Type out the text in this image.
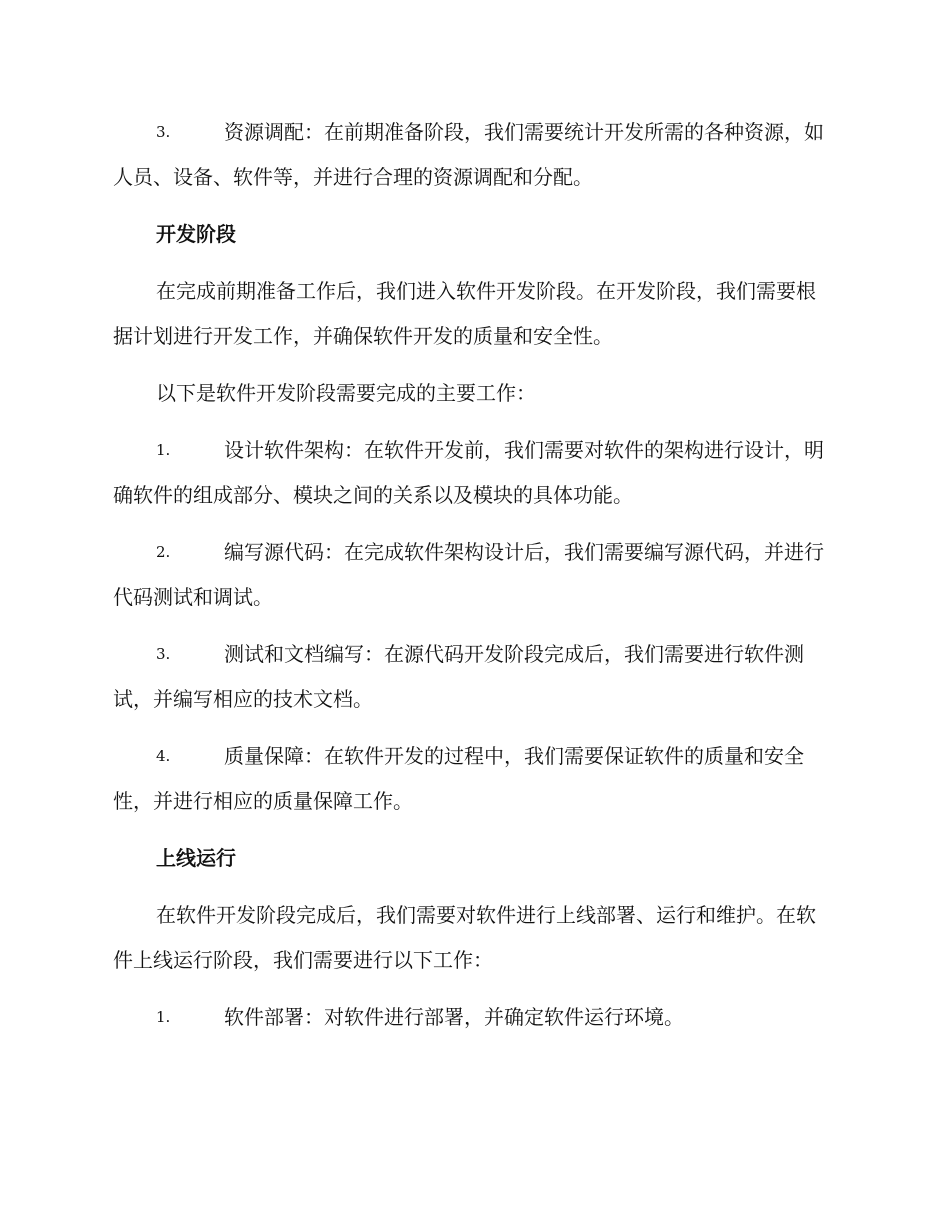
3.	资源调配：在前期准备阶段，我们需要统计开发所需的各种资源，如人员、设备、软件等，并进行合理的资源调配和分配。

开发阶段

在完成前期准备工作后，我们进入软件开发阶段。在开发阶段，我们需要根据计划进行开发工作，并确保软件开发的质量和安全性。

以下是软件开发阶段需要完成的主要工作：

1.	设计软件架构：在软件开发前，我们需要对软件的架构进行设计，明确软件的组成部分、模块之间的关系以及模块的具体功能。

2.	编写源代码：在完成软件架构设计后，我们需要编写源代码，并进行代码测试和调试。

3.	测试和文档编写：在源代码开发阶段完成后，我们需要进行软件测试，并编写相应的技术文档。

4.	质量保障：在软件开发的过程中，我们需要保证软件的质量和安全性，并进行相应的质量保障工作。

上线运行

在软件开发阶段完成后，我们需要对软件进行上线部署、运行和维护。在软件上线运行阶段，我们需要进行以下工作：

1.	软件部署：对软件进行部署，并确定软件运行环境。
